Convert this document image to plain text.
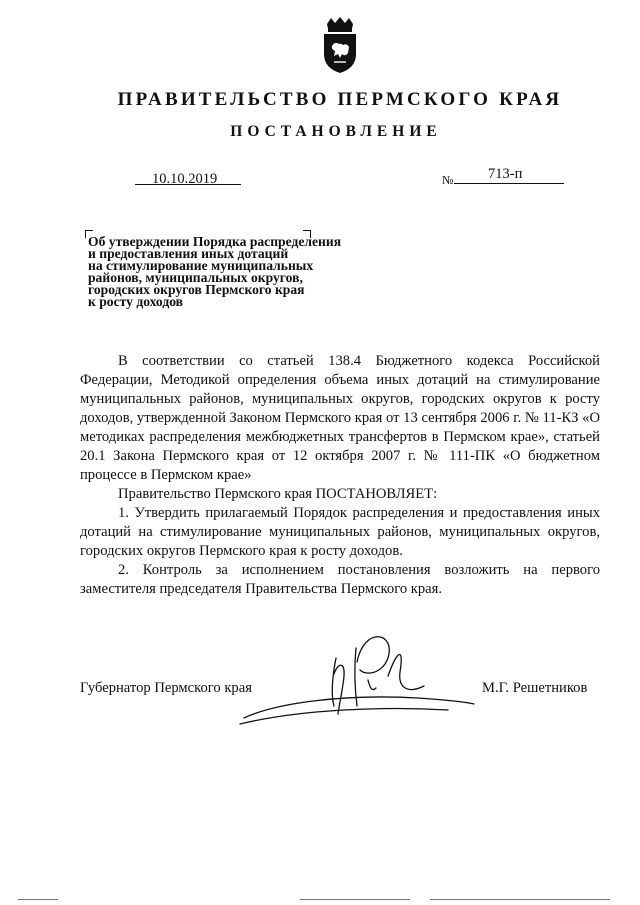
ПРАВИТЕЛЬСТВО ПЕРМСКОГО КРАЯ
ПОСТАНОВЛЕНИЕ
10.10.2019	№ 713-п
Об утверждении Порядка распределения
и предоставления иных дотаций
на стимулирование муниципальных
районов, муниципальных округов,
городских округов Пермского края
к росту доходов

В соответствии со статьей 138.4 Бюджетного кодекса Российской Федерации, Методикой определения объема иных дотаций на стимулирование муниципальных районов, муниципальных округов, городских округов к росту доходов, утвержденной Законом Пермского края от 13 сентября 2006 г. № 11-КЗ «О методиках распределения межбюджетных трансфертов в Пермском крае», статьей 20.1 Закона Пермского края от 12 октября 2007 г. № 111-ПК «О бюджетном процессе в Пермском крае»

Правительство Пермского края ПОСТАНОВЛЯЕТ:

1. Утвердить прилагаемый Порядок распределения и предоставления иных дотаций на стимулирование муниципальных районов, муниципальных округов, городских округов Пермского края к росту доходов.

2. Контроль за исполнением постановления возложить на первого заместителя председателя Правительства Пермского края.

Губернатор Пермского края	М.Г. Решетников
